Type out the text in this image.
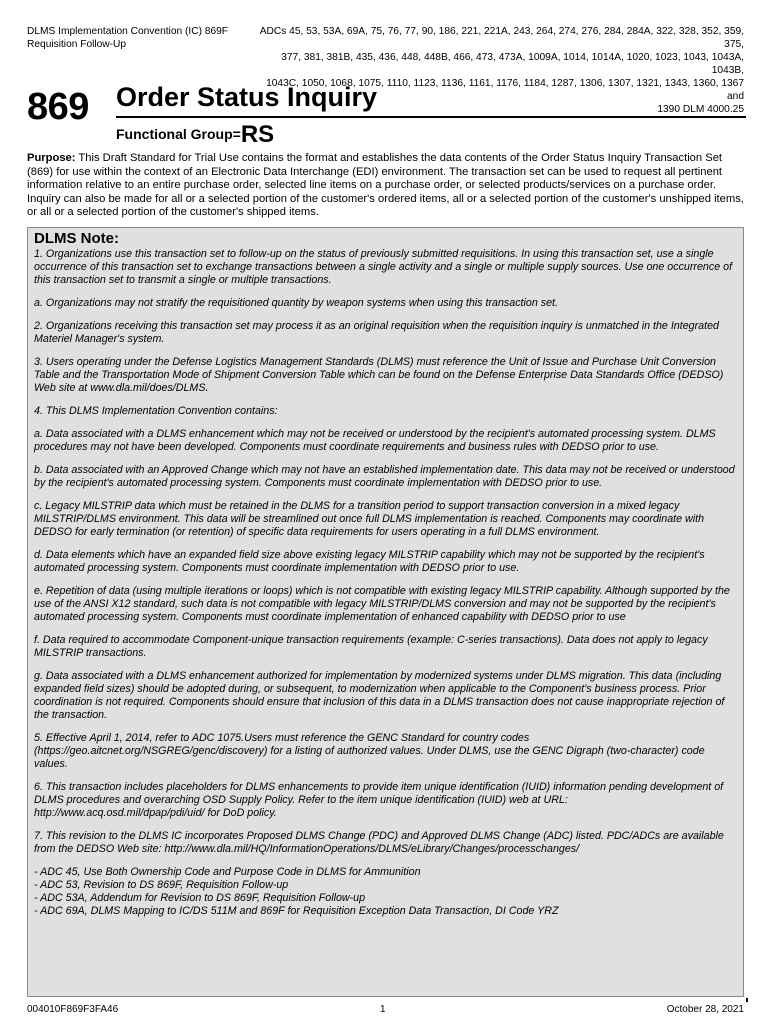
DLMS Implementation Convention (IC) 869F
Requisition Follow-Up
ADCs 45, 53, 53A, 69A, 75, 76, 77, 90, 186, 221, 221A, 243, 264, 274, 276, 284, 284A, 322, 328, 352, 359, 375,
377, 381, 381B, 435, 436, 448, 448B, 466, 473, 473A, 1009A, 1014, 1014A, 1020, 1023, 1043, 1043A, 1043B,
1043C, 1050, 1068, 1075, 1110, 1123, 1136, 1161, 1176, 1184, 1287, 1306, 1307, 1321, 1343, 1360, 1367 and
1390 DLM 4000.25
869 Order Status Inquiry
Functional Group=RS
Purpose: This Draft Standard for Trial Use contains the format and establishes the data contents of the Order Status Inquiry Transaction Set (869) for use within the context of an Electronic Data Interchange (EDI) environment. The transaction set can be used to request all pertinent information relative to an entire purchase order, selected line items on a purchase order, or selected products/services on a purchase order. Inquiry can also be made for all or a selected portion of the customer's ordered items, all or a selected portion of the customer's unshipped items, or all or a selected portion of the customer's shipped items.
DLMS Note:

1. Organizations use this transaction set to follow-up on the status of previously submitted requisitions. In using this transaction set, use a single occurrence of this transaction set to exchange transactions between a single activity and a single or multiple supply sources. Use one occurrence of this transaction set to transmit a single or multiple transactions.

a. Organizations may not stratify the requisitioned quantity by weapon systems when using this transaction set.

2. Organizations receiving this transaction set may process it as an original requisition when the requisition inquiry is unmatched in the Integrated Materiel Manager's system.

3. Users operating under the Defense Logistics Management Standards (DLMS) must reference the Unit of Issue and Purchase Unit Conversion Table and the Transportation Mode of Shipment Conversion Table which can be found on the Defense Enterprise Data Standards Office (DEDSO) Web site at www.dla.mil/does/DLMS.

4. This DLMS Implementation Convention contains:

a. Data associated with a DLMS enhancement which may not be received or understood by the recipient's automated processing system. DLMS procedures may not have been developed. Components must coordinate requirements and business rules with DEDSO prior to use.

b. Data associated with an Approved Change which may not have an established implementation date. This data may not be received or understood by the recipient's automated processing system. Components must coordinate implementation with DEDSO prior to use.

c. Legacy MILSTRIP data which must be retained in the DLMS for a transition period to support transaction conversion in a mixed legacy MILSTRIP/DLMS environment. This data will be streamlined out once full DLMS implementation is reached. Components may coordinate with DEDSO for early termination (or retention) of specific data requirements for users operating in a full DLMS environment.

d. Data elements which have an expanded field size above existing legacy MILSTRIP capability which may not be supported by the recipient's automated processing system. Components must coordinate implementation with DEDSO prior to use.

e. Repetition of data (using multiple iterations or loops) which is not compatible with existing legacy MILSTRIP capability. Although supported by the use of the ANSI X12 standard, such data is not compatible with legacy MILSTRIP/DLMS conversion and may not be supported by the recipient's automated processing system. Components must coordinate implementation of enhanced capability with DEDSO prior to use

f. Data required to accommodate Component-unique transaction requirements (example: C-series transactions). Data does not apply to legacy MILSTRIP transactions.

g. Data associated with a DLMS enhancement authorized for implementation by modernized systems under DLMS migration. This data (including expanded field sizes) should be adopted during, or subsequent, to modernization when applicable to the Component’s business process. Prior coordination is not required. Components should ensure that inclusion of this data in a DLMS transaction does not cause inappropriate rejection of the transaction.

5. Effective April 1, 2014, refer to ADC 1075.Users must reference the GENC Standard for country codes (https://geo.aitcnet.org/NSGREG/genc/discovery) for a listing of authorized values. Under DLMS, use the GENC Digraph (two-character) code values.

6. This transaction includes placeholders for DLMS enhancements to provide item unique identification (IUID) information pending development of DLMS procedures and overarching OSD Supply Policy. Refer to the item unique identification (IUID) web at URL: http://www.acq.osd.mil/dpap/pdi/uid/ for DoD policy.

7. This revision to the DLMS IC incorporates Proposed DLMS Change (PDC) and Approved DLMS Change (ADC) listed. PDC/ADCs are available from the DEDSO Web site: http://www.dla.mil/HQ/InformationOperations/DLMS/eLibrary/Changes/processchanges/

- ADC 45, Use Both Ownership Code and Purpose Code in DLMS for Ammunition

- ADC 53, Revision to DS 869F, Requisition Follow-up

- ADC 53A, Addendum for Revision to DS 869F, Requisition Follow-up

- ADC 69A, DLMS Mapping to IC/DS 511M and 869F for Requisition Exception Data Transaction, DI Code YRZ

004010F869F3FA46	1	October 28, 2021
